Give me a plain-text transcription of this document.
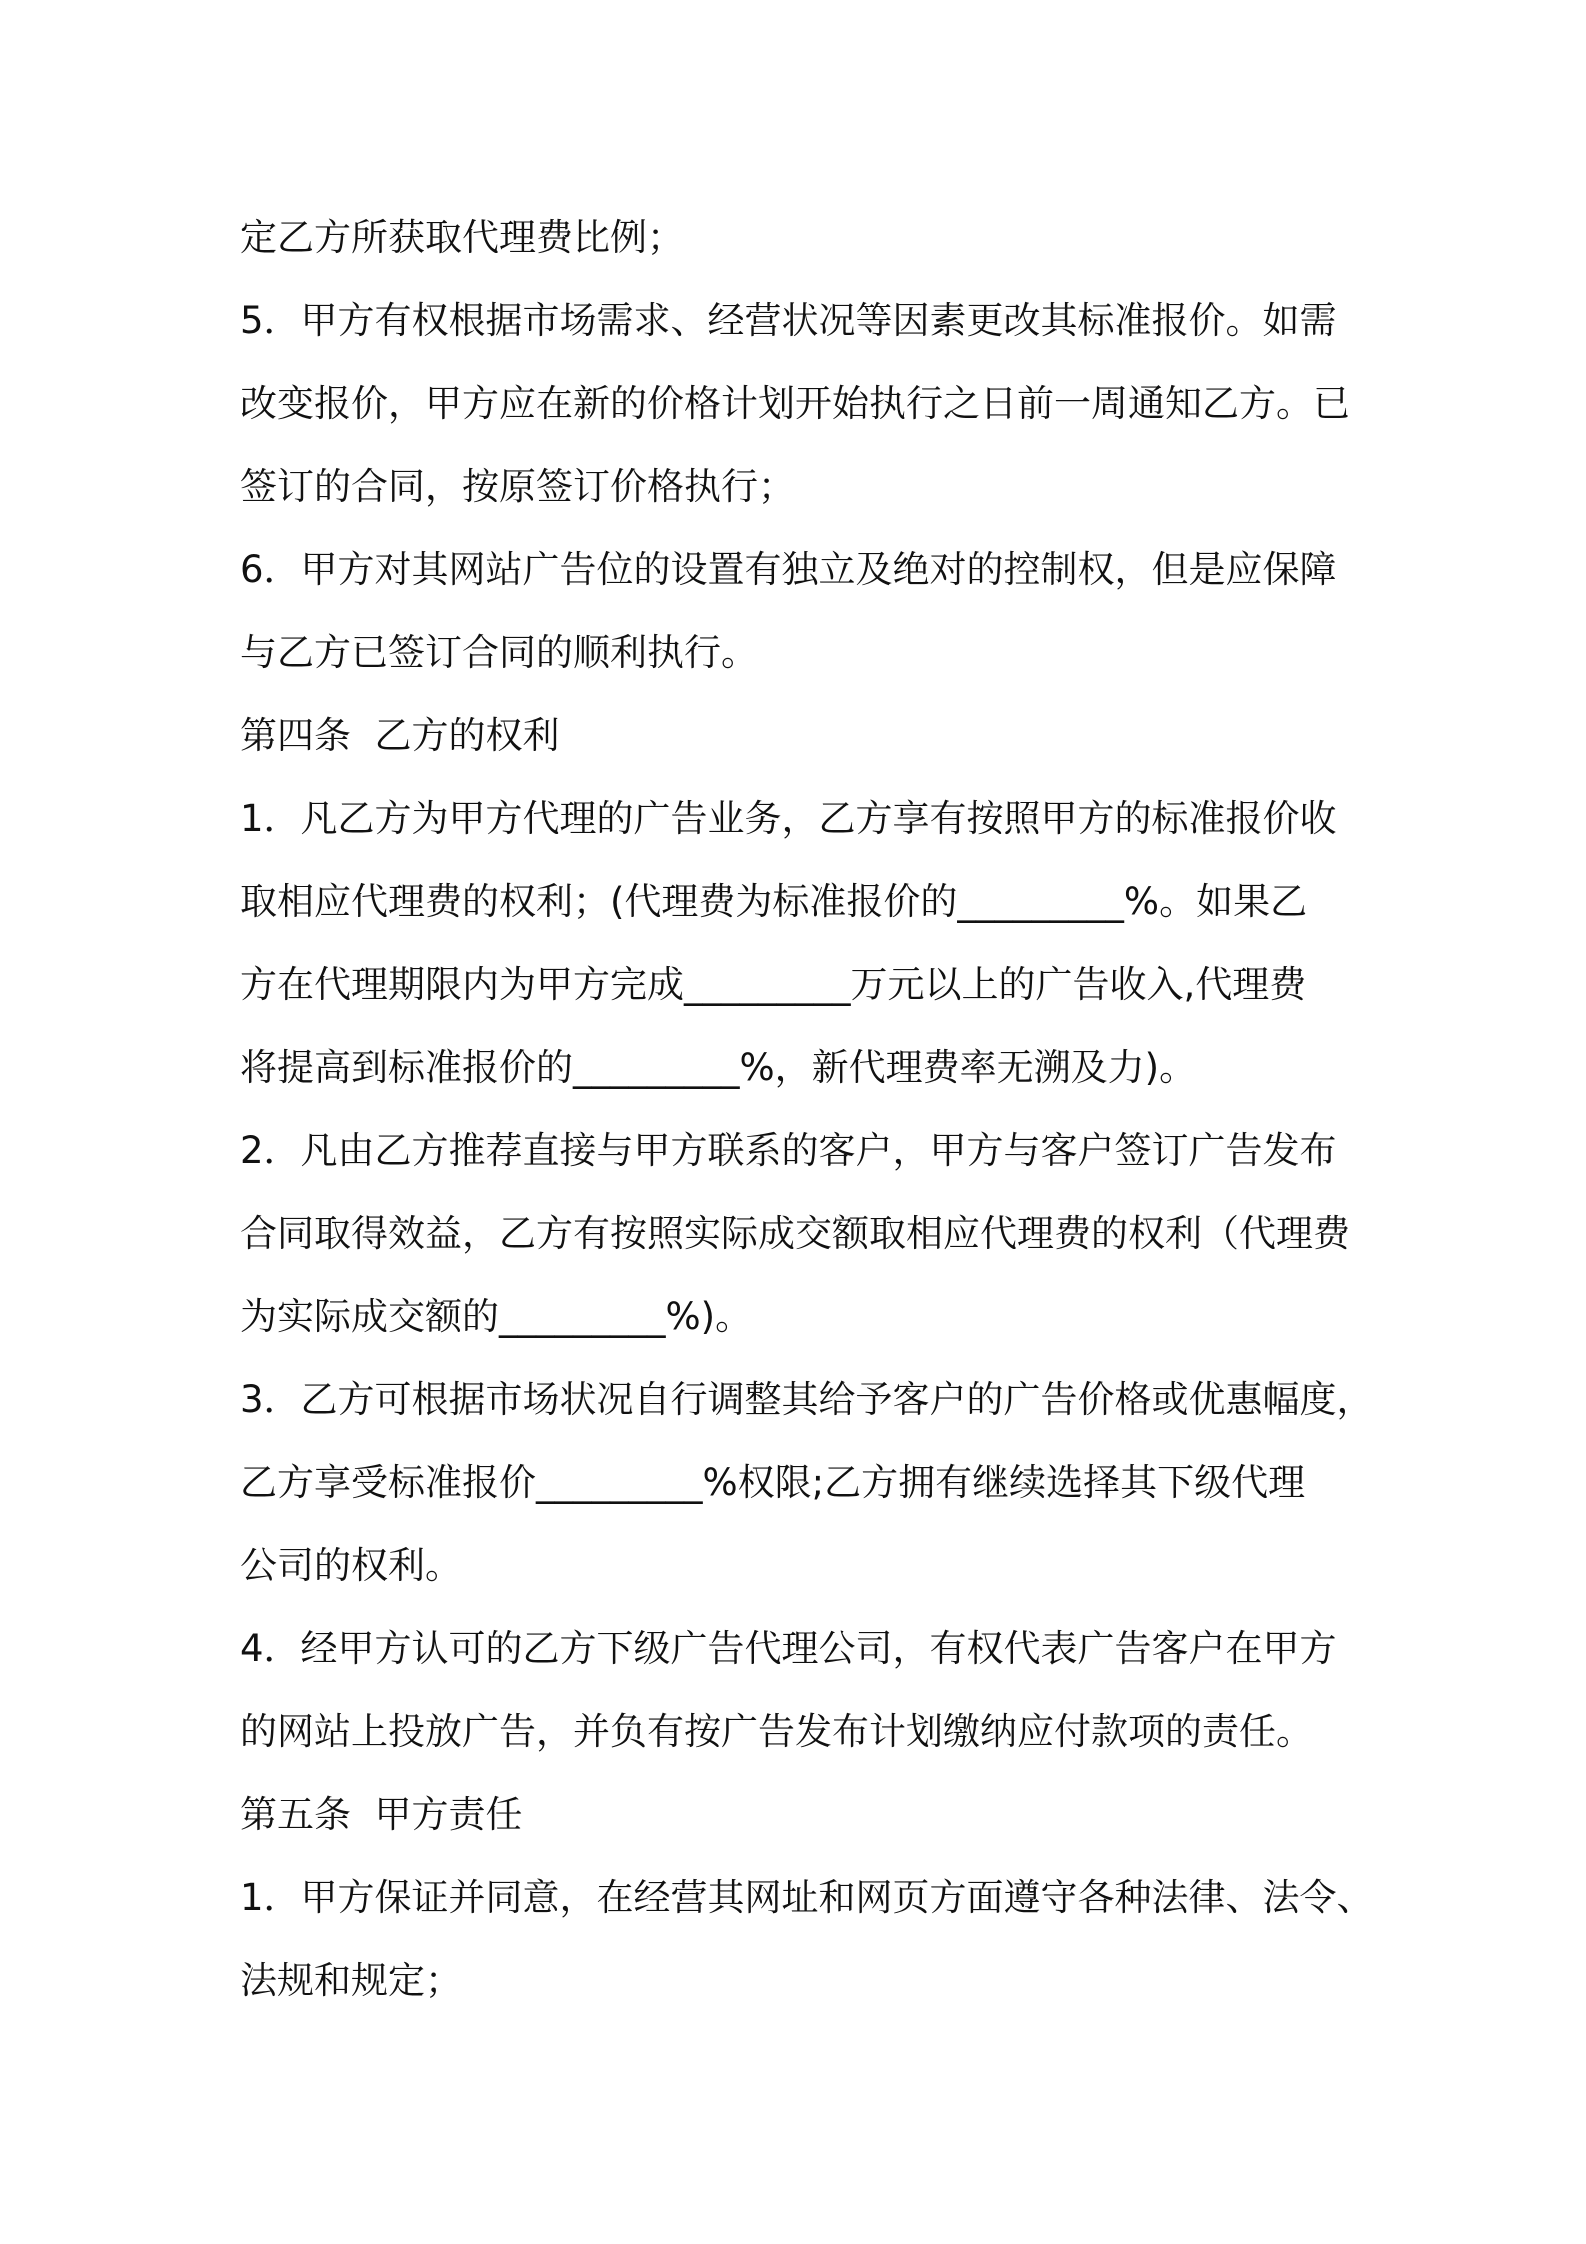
定乙方所获取代理费比例；
5．甲方有权根据市场需求、经营状况等因素更改其标准报价。如需
改变报价，甲方应在新的价格计划开始执行之日前一周通知乙方。已
签订的合同，按原签订价格执行；
6．甲方对其网站广告位的设置有独立及绝对的控制权，但是应保障
与乙方已签订合同的顺利执行。
第四条  乙方的权利
1．凡乙方为甲方代理的广告业务，乙方享有按照甲方的标准报价收
取相应代理费的权利；(代理费为标准报价的_________%。如果乙
方在代理期限内为甲方完成_________万元以上的广告收入,代理费
将提高到标准报价的_________%，新代理费率无溯及力)。
2．凡由乙方推荐直接与甲方联系的客户，甲方与客户签订广告发布
合同取得效益，乙方有按照实际成交额取相应代理费的权利（代理费
为实际成交额的_________%)。
3．乙方可根据市场状况自行调整其给予客户的广告价格或优惠幅度，
乙方享受标准报价_________%权限;乙方拥有继续选择其下级代理
公司的权利。
4．经甲方认可的乙方下级广告代理公司，有权代表广告客户在甲方
的网站上投放广告，并负有按广告发布计划缴纳应付款项的责任。
第五条  甲方责任
1．甲方保证并同意，在经营其网址和网页方面遵守各种法律、法令、
法规和规定；
